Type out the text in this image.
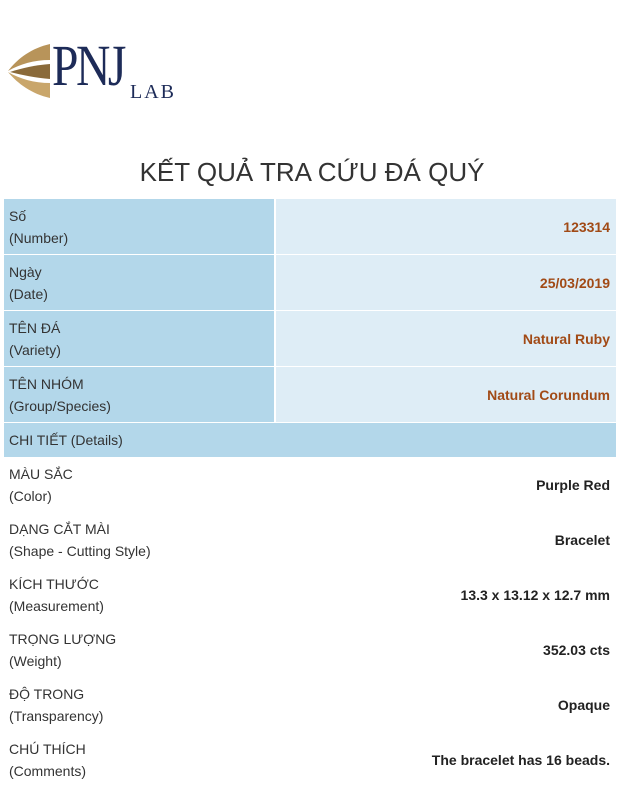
PNJ LAB
KẾT QUẢ TRA CỨU ĐÁ QUÝ
Số
(Number)
123314
Ngày
(Date)
25/03/2019
TÊN ĐÁ
(Variety)
Natural Ruby
TÊN NHÓM
(Group/Species)
Natural Corundum
CHI TIẾT (Details)
MÀU SẮC
(Color)
Purple Red
DẠNG CẮT MÀI
(Shape - Cutting Style)
Bracelet
KÍCH THƯỚC
(Measurement)
13.3 x 13.12 x 12.7 mm
TRỌNG LƯỢNG
(Weight)
352.03 cts
ĐỘ TRONG
(Transparency)
Opaque
CHÚ THÍCH
(Comments)
The bracelet has 16 beads.
